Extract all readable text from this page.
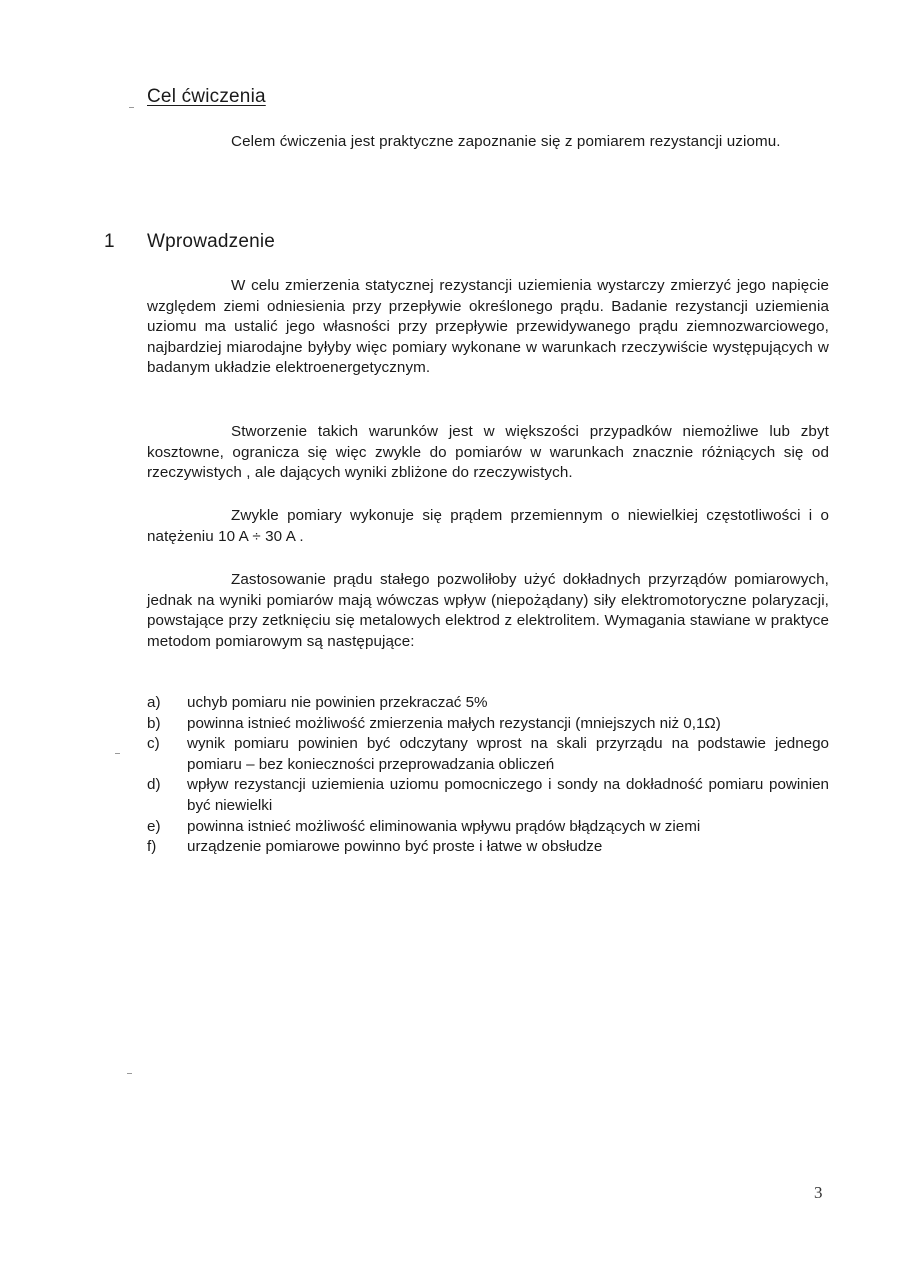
Cel ćwiczenia

Celem ćwiczenia jest praktyczne zapoznanie się z pomiarem rezystancji uziomu.

1 Wprowadzenie

W celu zmierzenia statycznej rezystancji uziemienia wystarczy zmierzyć jego napięcie względem ziemi odniesienia przy przepływie określonego prądu. Badanie rezystancji uziemienia uziomu ma ustalić jego własności przy przepływie przewidywanego prądu ziemnozwarciowego, najbardziej miarodajne byłyby więc pomiary wykonane w warunkach rzeczywiście występujących w badanym układzie elektroenergetycznym.

Stworzenie takich warunków jest w większości przypadków niemożliwe lub zbyt kosztowne, ogranicza się więc zwykle do pomiarów w warunkach znacznie różniących się od rzeczywistych , ale dających wyniki zbliżone do rzeczywistych.

Zwykle pomiary wykonuje się prądem przemiennym o niewielkiej częstotliwości i o natężeniu 10 A ÷ 30 A .

Zastosowanie prądu stałego pozwoliłoby użyć dokładnych przyrządów pomiarowych, jednak na wyniki pomiarów mają wówczas wpływ (niepożądany) siły elektromotoryczne polaryzacji, powstające przy zetknięciu się metalowych elektrod z elektrolitem. Wymagania stawiane w praktyce metodom pomiarowym są następujące:

a)	uchyb pomiaru nie powinien przekraczać 5%
b)	powinna istnieć możliwość zmierzenia małych rezystancji (mniejszych niż 0,1Ω)
c)	wynik pomiaru powinien być odczytany wprost na skali przyrządu na podstawie jednego pomiaru – bez konieczności przeprowadzania obliczeń
d)	wpływ rezystancji uziemienia uziomu pomocniczego i sondy na dokładność pomiaru powinien być niewielki
e)	powinna istnieć możliwość eliminowania wpływu prądów błądzących w ziemi
f)	urządzenie pomiarowe powinno być proste i łatwe w obsłudze
3
